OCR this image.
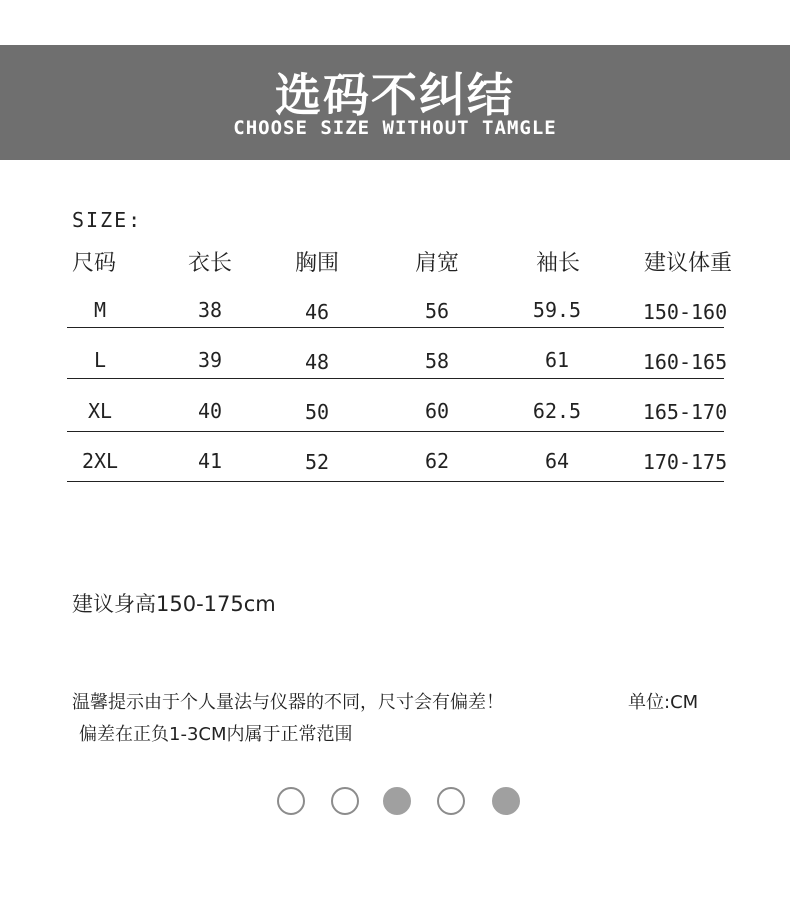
选码不纠结
CHOOSE SIZE WITHOUT TAMGLE
SIZE:
尺码	衣长	胸围	肩宽	袖长	建议体重
M	38	46	56	59.5	150-160
L	39	48	58	61	160-165
XL	40	50	60	62.5	165-170
2XL	41	52	62	64	170-175
建议身高150-175cm
温馨提示由于个人量法与仪器的不同，尺寸会有偏差！	单位:CM
偏差在正负1-3CM内属于正常范围
